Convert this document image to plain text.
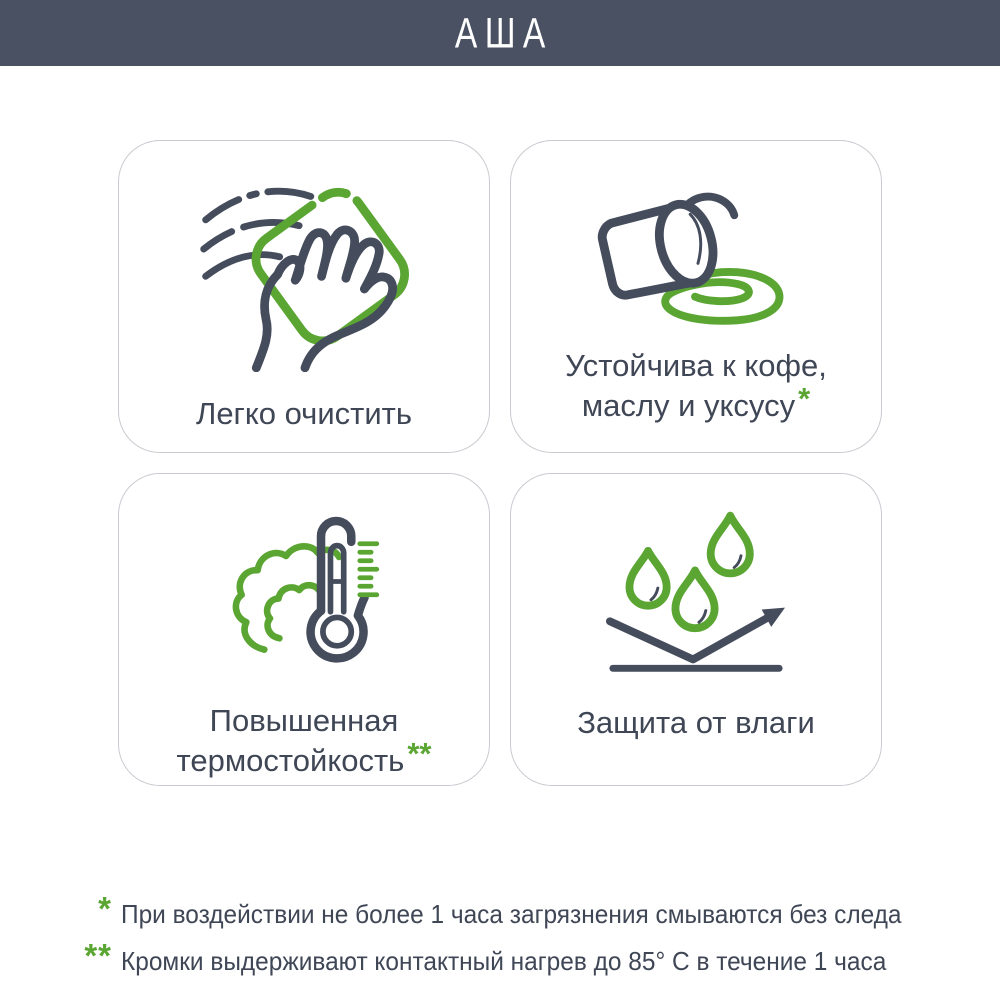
АША
Легко очистить
Устойчива к кофе,
маслу и уксусу*
Повышенная
термостойкость**
Защита от влаги
* При воздействии не более 1 часа загрязнения смываются без следа
** Кромки выдерживают контактный нагрев до 85° С в течение 1 часа
